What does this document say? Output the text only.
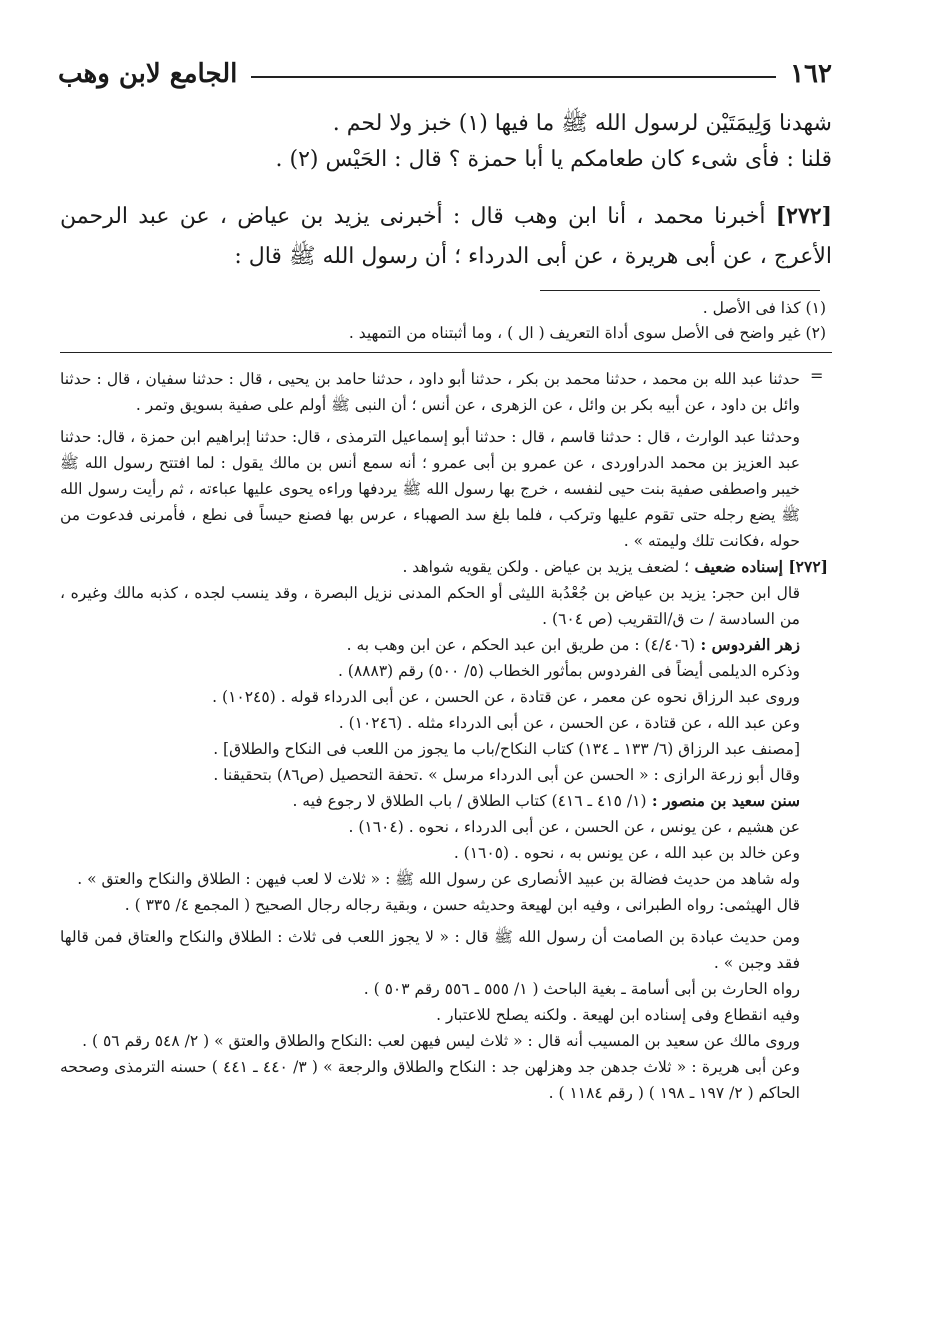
١٦٢
الجامع لابن وهب

شهدنا وَلِيمَتَيْن لرسول الله ﷺ ما فيها (١) خبز ولا لحم .

قلنا : فأى شىء كان طعامكم يا أبا حمزة ؟ قال : الحَيْس (٢) .

[٢٧٢] أخبرنا محمد ، أنا ابن وهب قال : أخبرنى يزيد بن عياض ، عن عبد الرحمن الأعرج ، عن أبى هريرة ، عن أبى الدرداء ؛ أن رسول الله ﷺ قال :

(١) كذا فى الأصل .

(٢) غير واضح فى الأصل سوى أداة التعريف ( ال ) ، وما أثبتناه من التمهيد .

=

حدثنا عبد الله بن محمد ، حدثنا محمد بن بكر ، حدثنا أبو داود ، حدثنا حامد بن يحيى ، قال : حدثنا سفيان ، قال : حدثنا وائل بن داود ، عن أبيه بكر بن وائل ، عن الزهرى ، عن أنس ؛ أن النبى ﷺ أولم على صفية بسويق وتمر .

وحدثنا عبد الوارث ، قال : حدثنا قاسم ، قال : حدثنا أبو إسماعيل الترمذى ، قال: حدثنا إبراهيم ابن حمزة ، قال: حدثنا عبد العزيز بن محمد الدراوردى ، عن عمرو بن أبى عمرو ؛ أنه سمع أنس بن مالك يقول : لما افتتح رسول الله ﷺ خيبر واصطفى صفية بنت حيى لنفسه ، خرج بها رسول الله ﷺ يردفها وراءه يحوى عليها عباءته ، ثم رأيت رسول الله ﷺ يضع رجله حتى تقوم عليها وتركب ، فلما بلغ سد الصهباء ، عرس بها فصنع حيساً فى نطع ، فأمرنى فدعوت من حوله ،فكانت تلك وليمته » .

[٢٧٢] إسناده ضعيف ؛ لضعف يزيد بن عياض . ولكن يقويه شواهد .

قال ابن حجر: يزيد بن عياض بن جُعْدُبة الليثى أو الحكم المدنى نزيل البصرة ، وقد ينسب لجده ، كذبه مالك وغيره ، من السادسة / ت ق/التقريب (ص ٦٠٤) .

زهر الفردوس : (٤/٤٠٦) : من طريق ابن عبد الحكم ، عن ابن وهب به .

وذكره الديلمى أيضاً فى الفردوس بمأثور الخطاب (٥/ ٥٠٠) رقم (٨٨٨٣) .

وروى عبد الرزاق نحوه عن معمر ، عن قتادة ، عن الحسن ، عن أبى الدرداء قوله . (١٠٢٤٥) .

وعن عبد الله ، عن قتادة ، عن الحسن ، عن أبى الدرداء مثله . (١٠٢٤٦) .

[مصنف عبد الرزاق (٦/ ١٣٣ ـ ١٣٤) كتاب النكاح/باب ما يجوز من اللعب فى النكاح والطلاق] .

وقال أبو زرعة الرازى : « الحسن عن أبى الدرداء مرسل » .تحفة التحصيل (ص٨٦) بتحقيقنا .

سنن سعيد بن منصور : (١/ ٤١٥ ـ ٤١٦) كتاب الطلاق / باب الطلاق لا رجوع فيه .

عن هشيم ، عن يونس ، عن الحسن ، عن أبى الدرداء ، نحوه . (١٦٠٤) .

وعن خالد بن عبد الله ، عن يونس به ، نحوه . (١٦٠٥) .

وله شاهد من حديث فضالة بن عبيد الأنصارى عن رسول الله ﷺ : « ثلاث لا لعب فيهن : الطلاق والنكاح والعتق » .

قال الهيثمى: رواه الطبرانى ، وفيه ابن لهيعة وحديثه حسن ، وبقية رجاله رجال الصحيح ( المجمع ٤/ ٣٣٥ ) .

ومن حديث عبادة بن الصامت أن رسول الله ﷺ قال : « لا يجوز اللعب فى ثلاث : الطلاق والنكاح والعتاق فمن قالها فقد وجبن » .

رواه الحارث بن أبى أسامة ـ بغية الباحث ( ١/ ٥٥٥ ـ ٥٥٦ رقم ٥٠٣ ) .

وفيه انقطاع وفى إسناده ابن لهيعة . ولكنه يصلح للاعتبار .

وروى مالك عن سعيد بن المسيب أنه قال : « ثلاث ليس فيهن لعب :النكاح والطلاق والعتق » ( ٢/ ٥٤٨ رقم ٥٦ ) .

وعن أبى هريرة : « ثلاث جدهن جد وهزلهن جد : النكاح والطلاق والرجعة » ( ٣/ ٤٤٠ ـ ٤٤١ ) حسنه الترمذى وصححه الحاكم ( ٢/ ١٩٧ ـ ١٩٨ ) ( رقم ١١٨٤ ) .
